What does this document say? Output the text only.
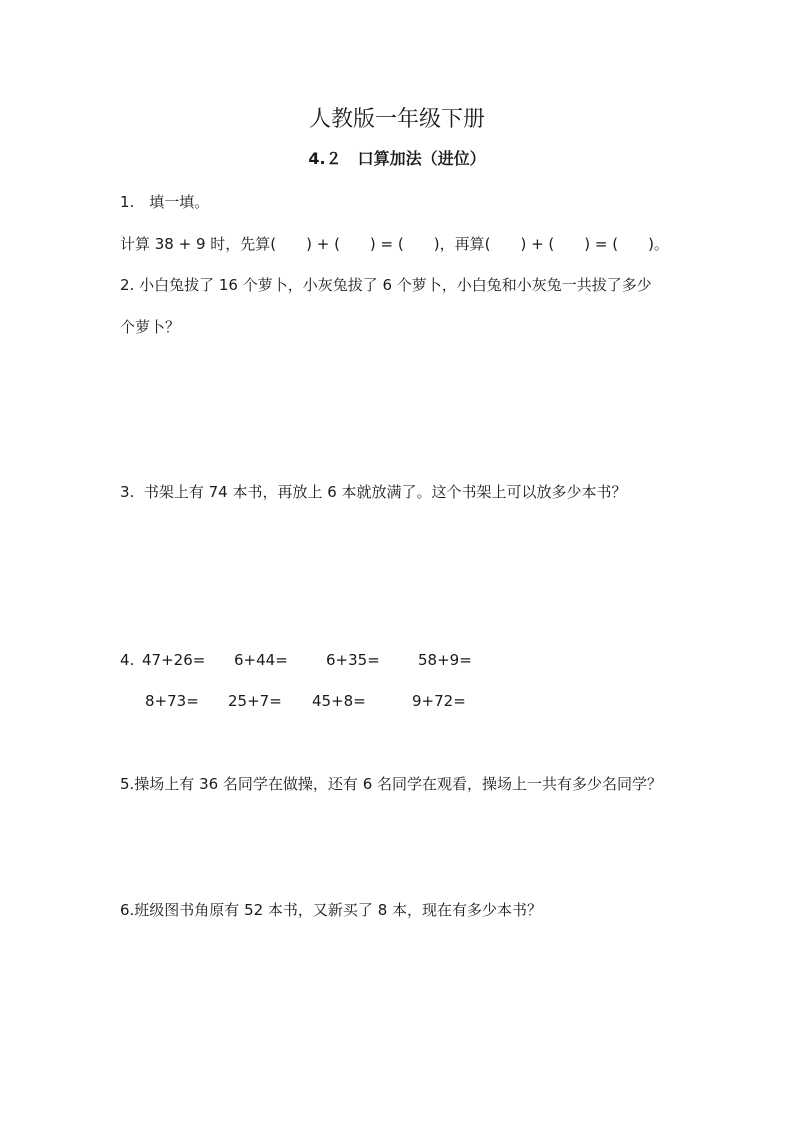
人教版一年级下册
4.２　口算加法（进位）
1.　填一填。
计算 38 + 9 时，先算(　　) + (　　) = (　　)，再算(　　) + (　　) = (　　)。
2. 小白兔拔了 16 个萝卜，小灰兔拔了 6 个萝卜，小白兔和小灰兔一共拔了多少
个萝卜？
3.  书架上有 74 本书，再放上 6 本就放满了。这个书架上可以放多少本书？
4. 47+26= 6+44=	6+35=	58+9=
8+73= 25+7= 45+8=	9+72=
5.操场上有 36 名同学在做操，还有 6 名同学在观看，操场上一共有多少名同学？
6.班级图书角原有 52 本书，又新买了 8 本，现在有多少本书？
